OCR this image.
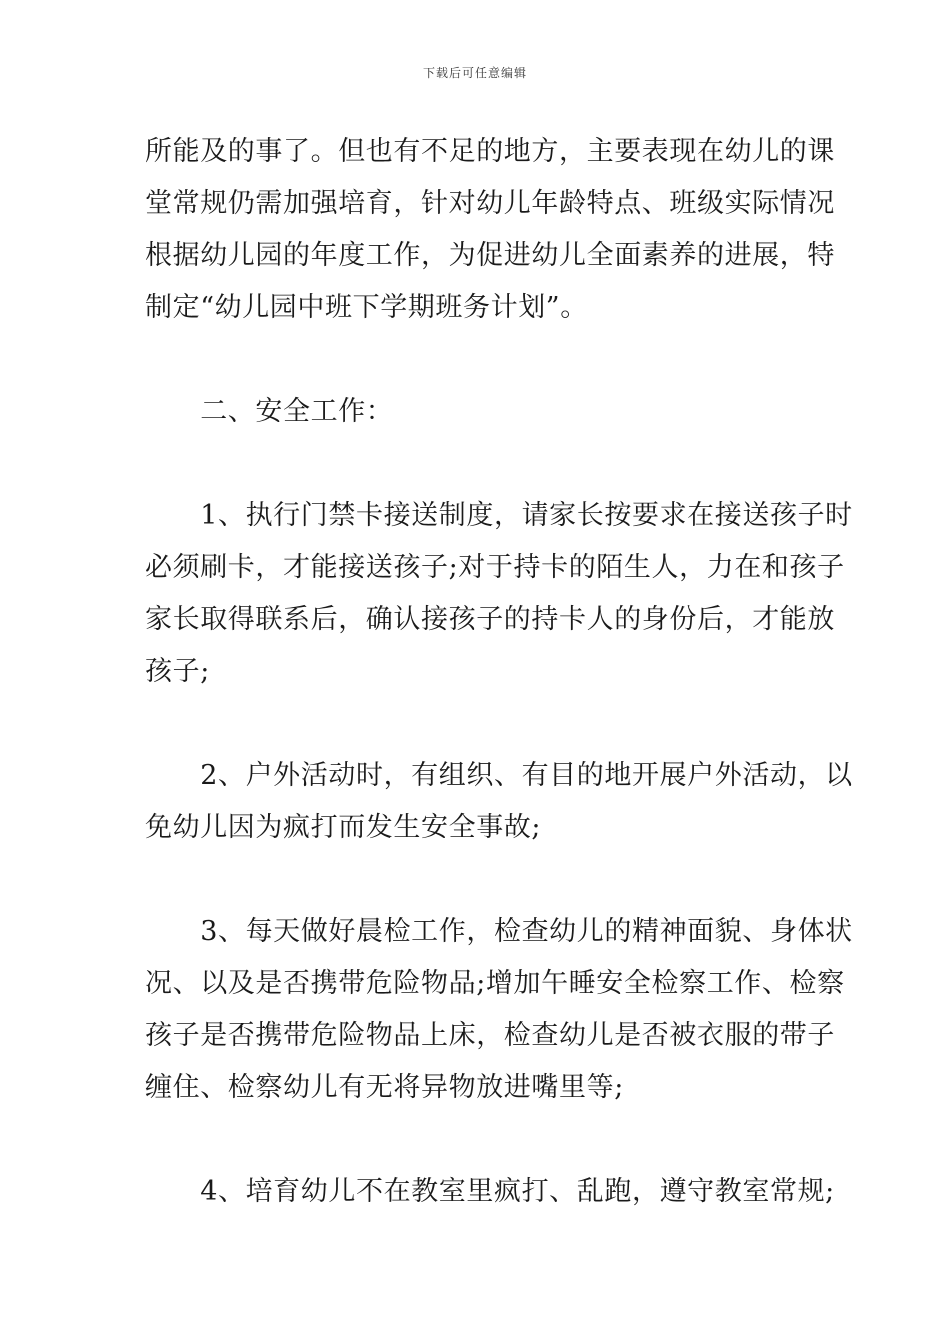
下载后可任意编辑
所能及的事了。但也有不足的地方，主要表现在幼儿的课
堂常规仍需加强培育，针对幼儿年龄特点、班级实际情况
根据幼儿园的年度工作，为促进幼儿全面素养的进展，特
制定“幼儿园中班下学期班务计划”。
　　二、安全工作：
　　1、执行门禁卡接送制度，请家长按要求在接送孩子时
必须刷卡，才能接送孩子;对于持卡的陌生人，力在和孩子
家长取得联系后，确认接孩子的持卡人的身份后，才能放
孩子;
　　2、户外活动时，有组织、有目的地开展户外活动，以
免幼儿因为疯打而发生安全事故;
　　3、每天做好晨检工作，检查幼儿的精神面貌、身体状
况、以及是否携带危险物品;增加午睡安全检察工作、检察
孩子是否携带危险物品上床，检查幼儿是否被衣服的带子
缠住、检察幼儿有无将异物放进嘴里等;
　　4、培育幼儿不在教室里疯打、乱跑，遵守教室常规;
